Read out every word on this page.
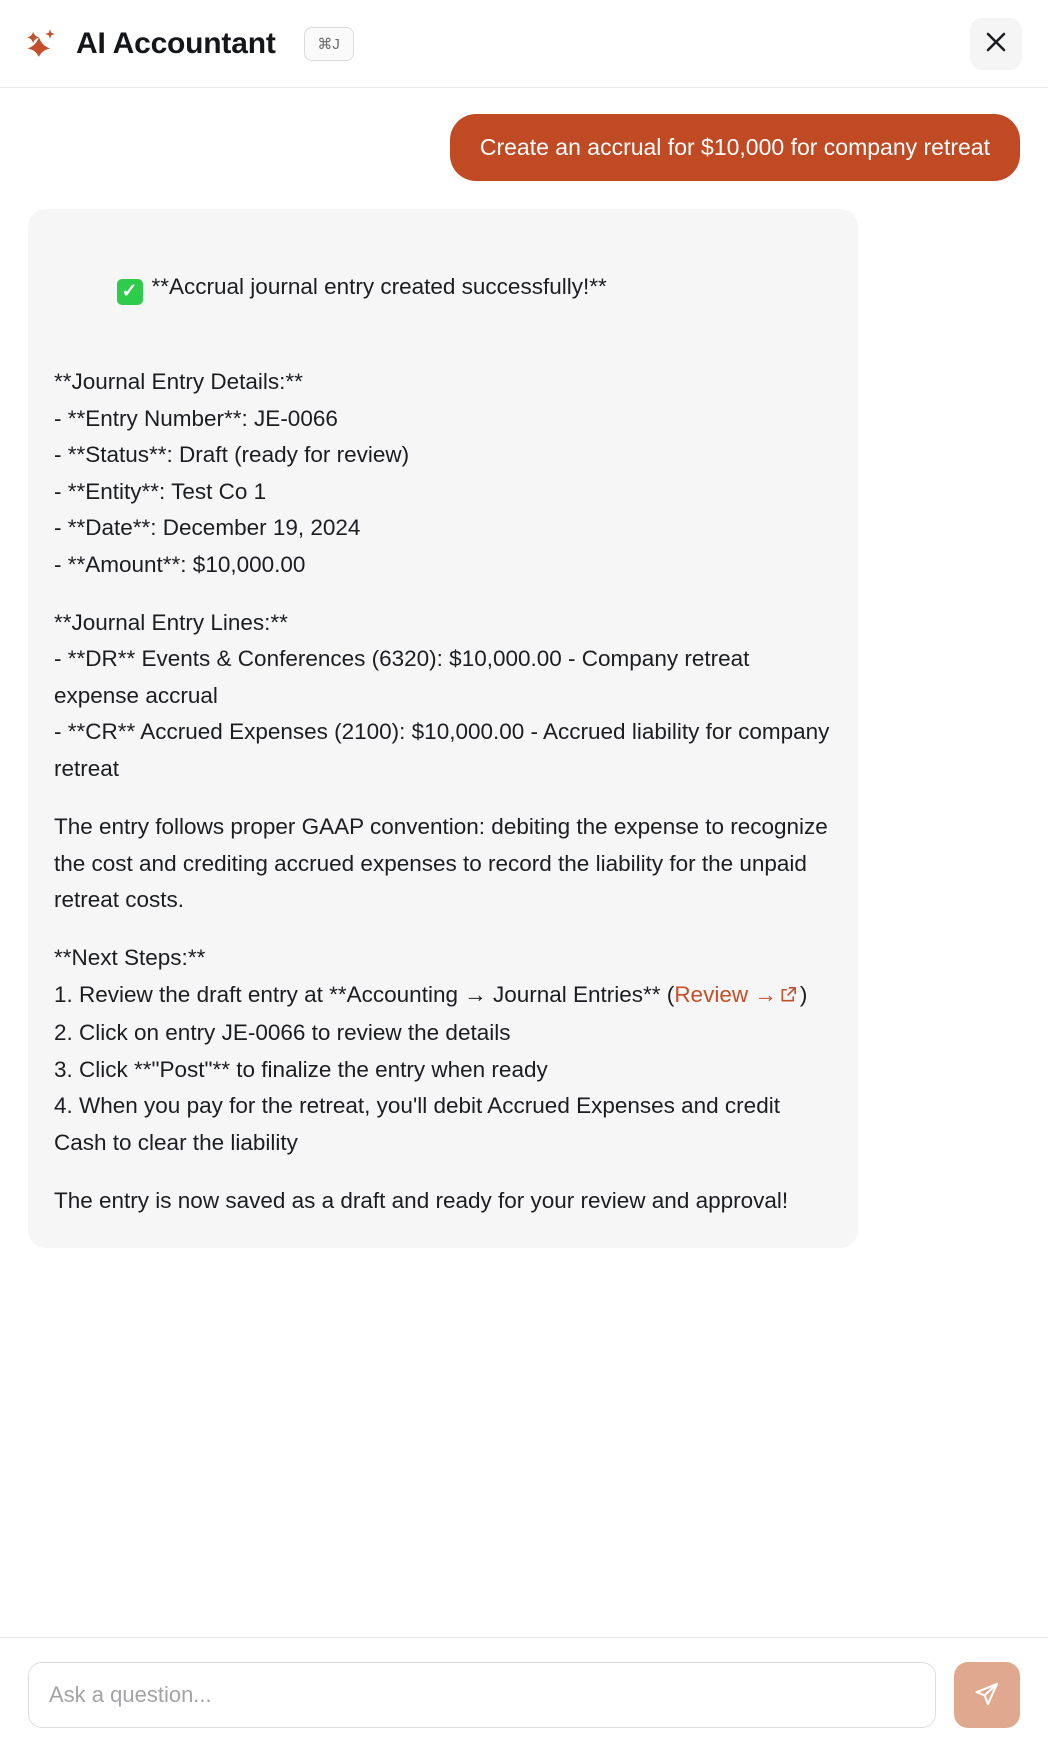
AI Accountant	⌘J
Create an accrual for $10,000 for company retreat

✓ **Accrual journal entry created successfully!**

**Journal Entry Details:**
- **Entry Number**: JE-0066
- **Status**: Draft (ready for review)
- **Entity**: Test Co 1
- **Date**: December 19, 2024
- **Amount**: $10,000.00
**Journal Entry Lines:**
- **DR** Events & Conferences (6320): $10,000.00 - Company retreat expense accrual
- **CR** Accrued Expenses (2100): $10,000.00 - Accrued liability for company retreat
The entry follows proper GAAP convention: debiting the expense to recognize the cost and crediting accrued expenses to record the liability for the unpaid retreat costs.
**Next Steps:**
1. Review the draft entry at **Accounting → Journal Entries** (Review → )
2. Click on entry JE-0066 to review the details
3. Click **"Post"** to finalize the entry when ready
4. When you pay for the retreat, you'll debit Accrued Expenses and credit Cash to clear the liability
The entry is now saved as a draft and ready for your review and approval!
Ask a question...
